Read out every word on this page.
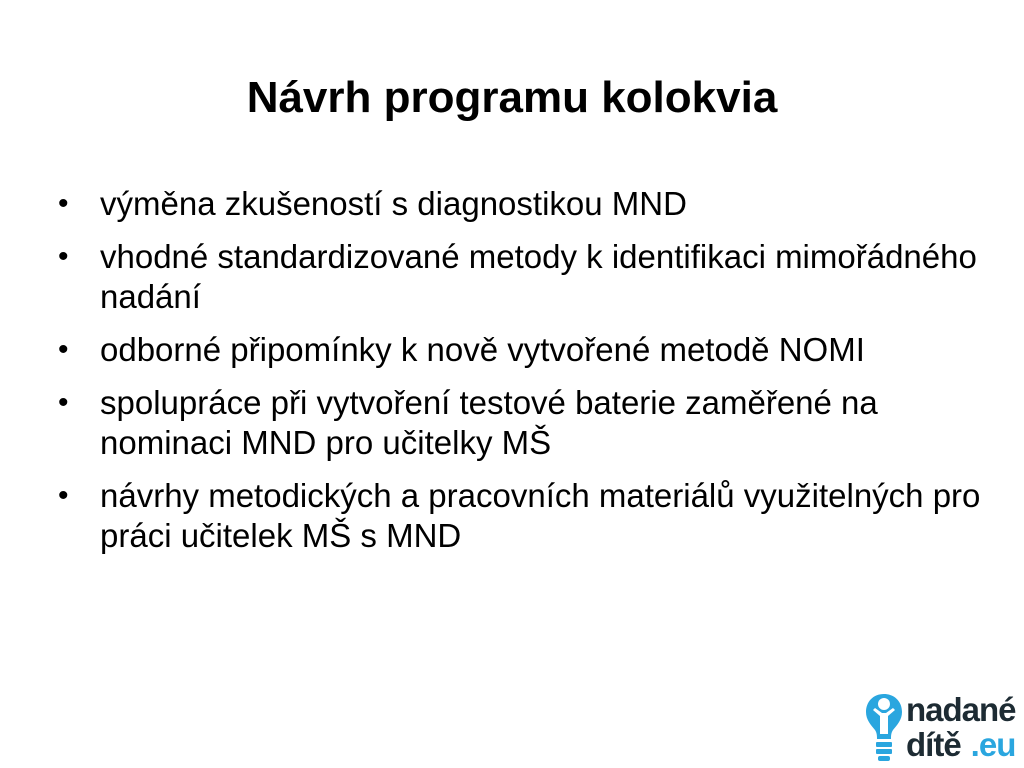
Návrh programu kolokvia
• výměna zkušeností s diagnostikou MND
• vhodné standardizované metody k identifikaci mimořádného nadání
• odborné připomínky k nově vytvořené metodě NOMI
• spolupráce při vytvoření testové baterie zaměřené na nominaci MND pro učitelky MŠ
• návrhy metodických a pracovních materiálů využitelných pro práci učitelek MŠ s MND
nadané
dítě .eu
